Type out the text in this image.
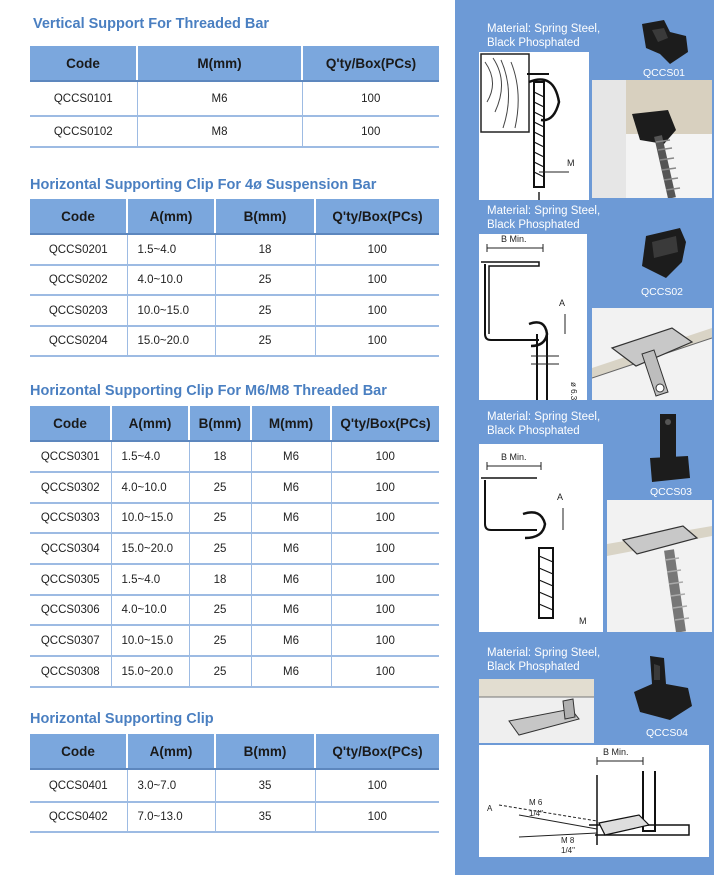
Vertical Support For Threaded Bar
Code	M(mm)	Q'ty/Box(PCs)
QCCS0101	M6	100
QCCS0102	M8	100
Horizontal Supporting Clip For 4ø Suspension Bar
Code	A(mm)	B(mm)	Q'ty/Box(PCs)
QCCS0201	1.5~4.0	18	100
QCCS0202	4.0~10.0	25	100
QCCS0203	10.0~15.0	25	100
QCCS0204	15.0~20.0	25	100
Horizontal Supporting Clip For M6/M8 Threaded Bar
Code	A(mm)	B(mm)	M(mm)	Q'ty/Box(PCs)
QCCS0301	1.5~4.0	18	M6	100
QCCS0302	4.0~10.0	25	M6	100
QCCS0303	10.0~15.0	25	M6	100
QCCS0304	15.0~20.0	25	M6	100
QCCS0305	1.5~4.0	18	M6	100
QCCS0306	4.0~10.0	25	M6	100
QCCS0307	10.0~15.0	25	M6	100
QCCS0308	15.0~20.0	25	M6	100
Horizontal Supporting Clip
Code	A(mm)	B(mm)	Q'ty/Box(PCs)
QCCS0401	3.0~7.0	35	100
QCCS0402	7.0~13.0	35	100
Material: Spring Steel,
Black Phosphated
QCCS01
M
Material: Spring Steel,
Black Phosphated
QCCS02
B Min.
A
ø 6.3
Material: Spring Steel,
Black Phosphated
QCCS03
B Min.
A
M
Material: Spring Steel,
Black Phosphated
QCCS04
B Min.
A
M 6
1/4"
M 8
1/4"
